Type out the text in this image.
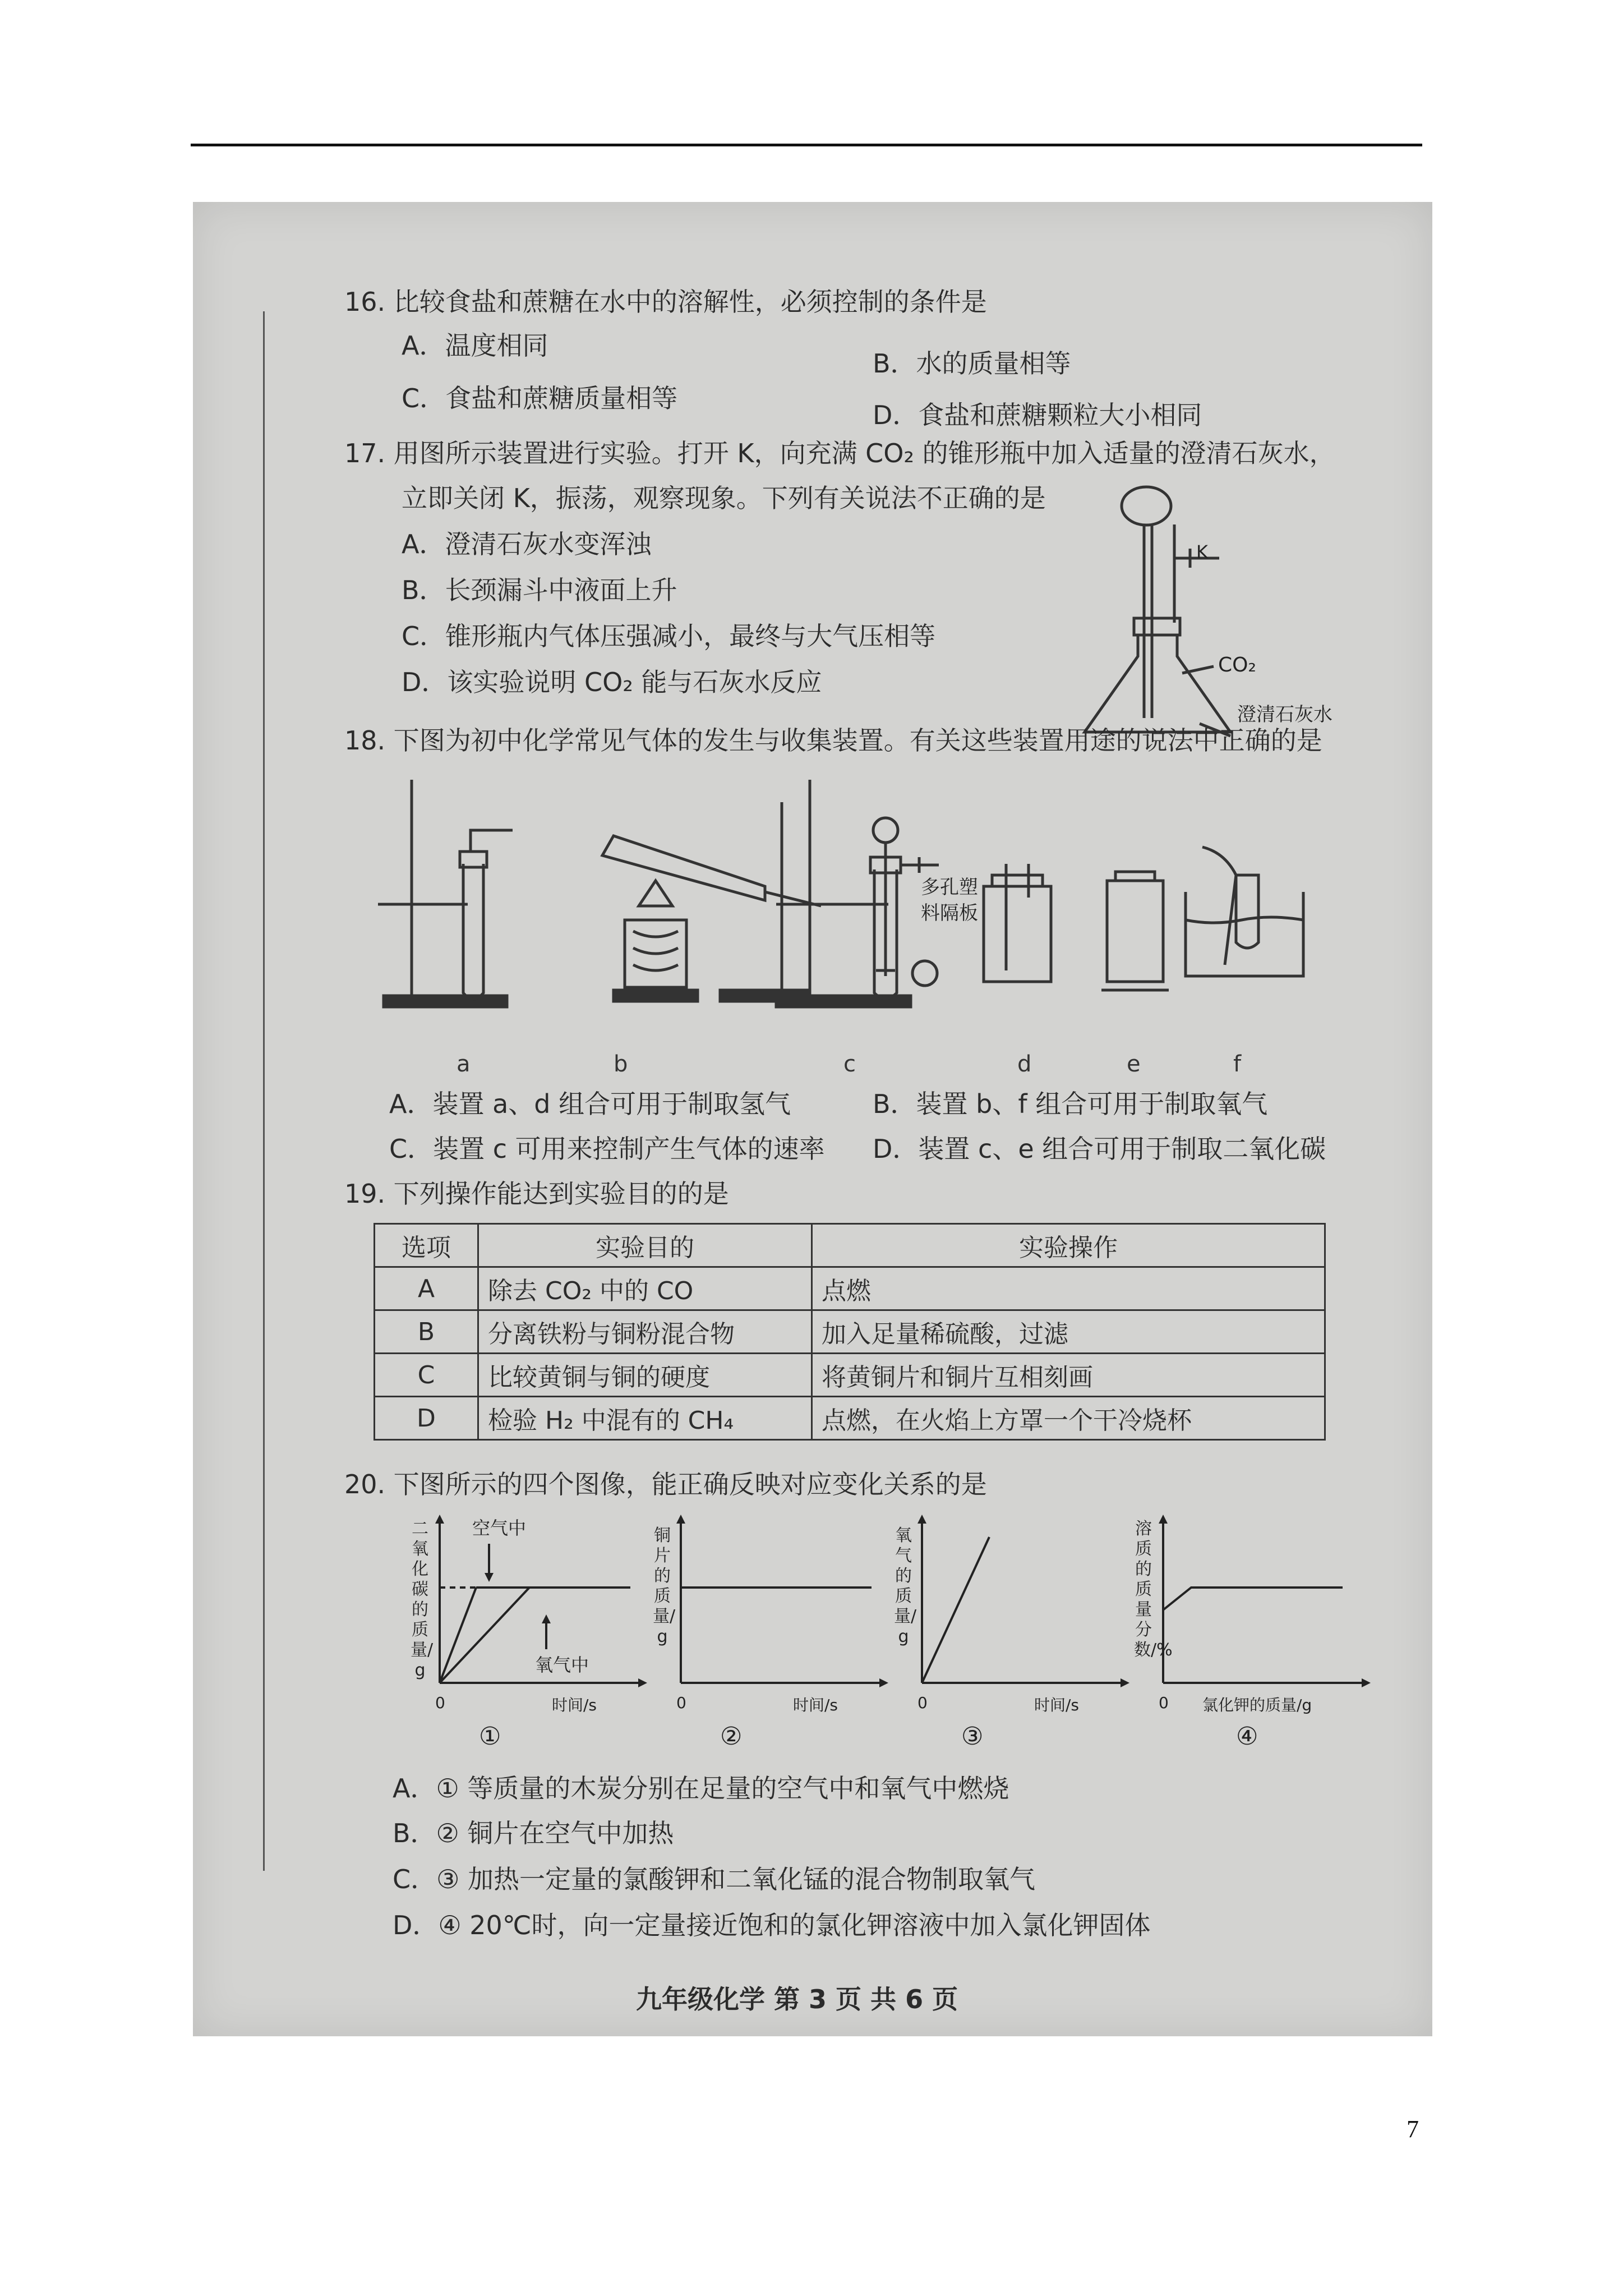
16. 比较食盐和蔗糖在水中的溶解性，必须控制的条件是
A．温度相同
B．水的质量相等
C．食盐和蔗糖质量相等
D．食盐和蔗糖颗粒大小相同
17. 用图所示装置进行实验。打开 K，向充满 CO₂ 的锥形瓶中加入适量的澄清石灰水，
立即关闭 K，振荡，观察现象。下列有关说法不正确的是
A．澄清石灰水变浑浊
B．长颈漏斗中液面上升
C．锥形瓶内气体压强减小，最终与大气压相等
D．该实验说明 CO₂ 能与石灰水反应
K
CO₂
澄清石灰水
18. 下图为初中化学常见气体的发生与收集装置。有关这些装置用途的说法中正确的是
多孔塑
料隔板
a	b	c	d	e	f
A．装置 a、d 组合可用于制取氢气	B．装置 b、f 组合可用于制取氧气
C．装置 c 可用来控制产生气体的速率 D．装置 c、e 组合可用于制取二氧化碳
19. 下列操作能达到实验目的的是
选项	实验目的	实验操作
A	除去 CO₂ 中的 CO	点燃
B	分离铁粉与铜粉混合物	加入足量稀硫酸，过滤
C	比较黄铜与铜的硬度	将黄铜片和铜片互相刻画
D	检验 H₂ 中混有的 CH₄	点燃，在火焰上方罩一个干冷烧杯
20. 下图所示的四个图像，能正确反映对应变化关系的是
二氧化碳的质量/g
空气中
氧气中
0	时间/s
①
铜片的质量/g
0	时间/s
②
氧气的质量/g
0	时间/s
③
溶质的质量分数/%
0 氯化钾的质量/g
④
A．① 等质量的木炭分别在足量的空气中和氧气中燃烧
B．② 铜片在空气中加热
C．③ 加热一定量的氯酸钾和二氧化锰的混合物制取氧气
D．④ 20℃时，向一定量接近饱和的氯化钾溶液中加入氯化钾固体
九年级化学 第 3 页 共 6 页
7
